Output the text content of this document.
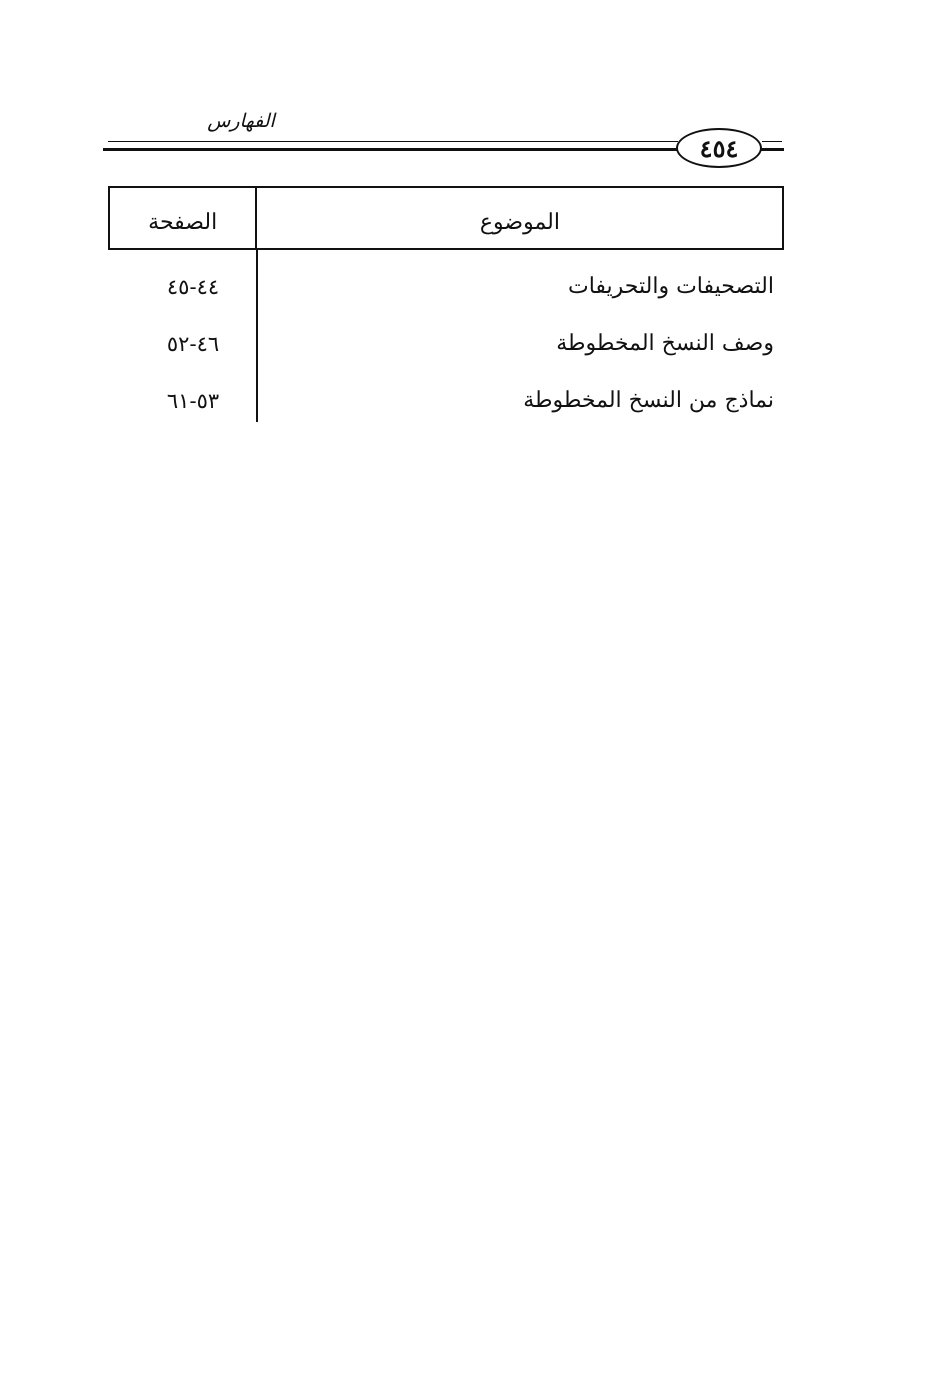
الفهارس
٤٥٤
الموضوع
الصفحة
التصحيفات والتحريفات
وصف النسخ المخطوطة
نماذج من النسخ المخطوطة
٤٤-٤٥
٤٦-٥٢
٥٣-٦١
